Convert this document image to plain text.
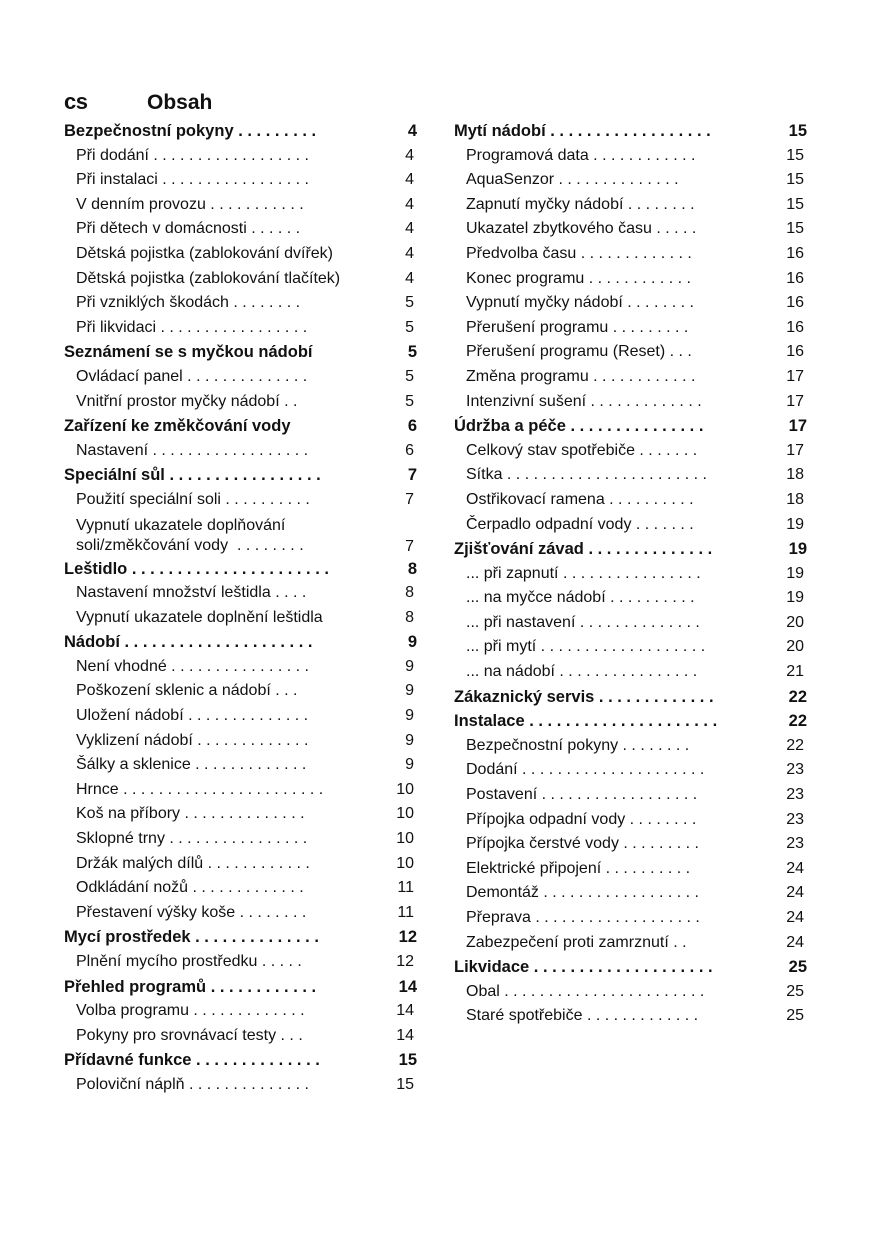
cs	Obsah
Bezpečnostní pokyny . . . . . . . . .	4
Při dodání . . . . . . . . . . . . . . . . . .	4
Při instalaci . . . . . . . . . . . . . . . . .	4
V denním provozu . . . . . . . . . . .	4
Při dětech v domácnosti . . . . . .	4
Dětská pojistka (zablokování dvířek)	4
Dětská pojistka (zablokování tlačítek)	4
Při vzniklých škodách . . . . . . . .	5
Při likvidaci . . . . . . . . . . . . . . . . .	5
Seznámení se s myčkou nádobí	5
Ovládací panel . . . . . . . . . . . . . .	5
Vnitřní prostor myčky nádobí . .	5
Zařízení ke změkčování vody	6
Nastavení . . . . . . . . . . . . . . . . . .	6
Speciální sůl . . . . . . . . . . . . . . . . .	7
Použití speciální soli . . . . . . . . . .	7
Vypnutí ukazatele doplňování
soli/změkčování vody  . . . . . . . .	7
Leštidlo . . . . . . . . . . . . . . . . . . . . . .	8
Nastavení množství leštidla . . . .	8
Vypnutí ukazatele doplnění leštidla	8
Nádobí . . . . . . . . . . . . . . . . . . . . .	9
Není vhodné . . . . . . . . . . . . . . . .	9
Poškození sklenic a nádobí . . .	9
Uložení nádobí . . . . . . . . . . . . . .	9
Vyklizení nádobí . . . . . . . . . . . . .	9
Šálky a sklenice . . . . . . . . . . . . .	9
Hrnce . . . . . . . . . . . . . . . . . . . . . . .	10
Koš na příbory . . . . . . . . . . . . . .	10
Sklopné trny . . . . . . . . . . . . . . . .	10
Držák malých dílů . . . . . . . . . . . .	10
Odkládání nožů . . . . . . . . . . . . .	11
Přestavení výšky koše . . . . . . . .	11
Mycí prostředek . . . . . . . . . . . . . .	12
Plnění mycího prostředku . . . . .	12
Přehled programů . . . . . . . . . . . .	14
Volba programu . . . . . . . . . . . . .	14
Pokyny pro srovnávací testy . . .	14
Přídavné funkce . . . . . . . . . . . . . .	15
Poloviční náplň . . . . . . . . . . . . . .	15
Mytí nádobí . . . . . . . . . . . . . . . . . .	15
Programová data . . . . . . . . . . . .	15
AquaSenzor . . . . . . . . . . . . . .	15
Zapnutí myčky nádobí . . . . . . . .	15
Ukazatel zbytkového času . . . . .	15
Předvolba času . . . . . . . . . . . . .	16
Konec programu . . . . . . . . . . . .	16
Vypnutí myčky nádobí . . . . . . . .	16
Přerušení programu . . . . . . . . .	16
Přerušení programu (Reset) . . .	16
Změna programu . . . . . . . . . . . .	17
Intenzivní sušení . . . . . . . . . . . . .	17
Údržba a péče . . . . . . . . . . . . . . .	17
Celkový stav spotřebiče . . . . . . .	17
Sítka . . . . . . . . . . . . . . . . . . . . . . .	18
Ostřikovací ramena . . . . . . . . . .	18
Čerpadlo odpadní vody . . . . . . .	19
Zjišťování závad . . . . . . . . . . . . . .	19
... při zapnutí . . . . . . . . . . . . . . . .	19
... na myčce nádobí . . . . . . . . . .	19
... při nastavení . . . . . . . . . . . . . .	20
... při mytí . . . . . . . . . . . . . . . . . . .	20
... na nádobí . . . . . . . . . . . . . . . .	21
Zákaznický servis . . . . . . . . . . . . .	22
Instalace . . . . . . . . . . . . . . . . . . . . .	22
Bezpečnostní pokyny . . . . . . . .	22
Dodání . . . . . . . . . . . . . . . . . . . . .	23
Postavení . . . . . . . . . . . . . . . . . .	23
Přípojka odpadní vody . . . . . . . .	23
Přípojka čerstvé vody . . . . . . . . .	23
Elektrické připojení . . . . . . . . . .	24
Demontáž . . . . . . . . . . . . . . . . . .	24
Přeprava . . . . . . . . . . . . . . . . . . .	24
Zabezpečení proti zamrznutí . .	24
Likvidace . . . . . . . . . . . . . . . . . . . .	25
Obal . . . . . . . . . . . . . . . . . . . . . . .	25
Staré spotřebiče . . . . . . . . . . . . .	25
